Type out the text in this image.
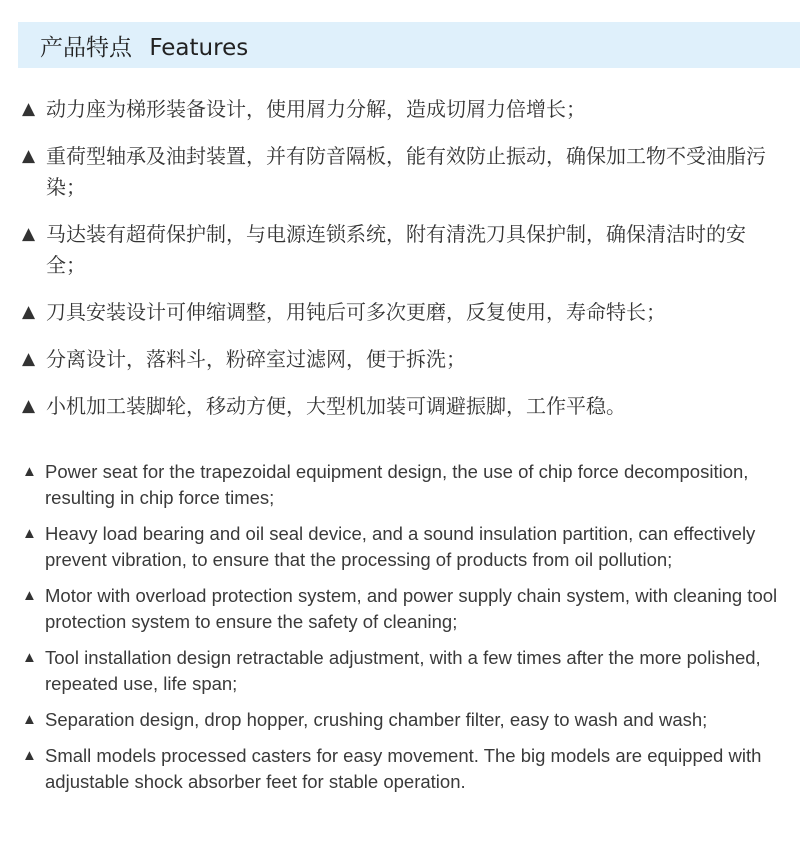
产品特点 Features
▲ 动力座为梯形装备设计，使用屑力分解，造成切屑力倍增长；
▲ 重荷型轴承及油封装置，并有防音隔板，能有效防止振动，确保加工物不受油脂污染；
▲ 马达装有超荷保护制，与电源连锁系统，附有清洗刀具保护制，确保清洁时的安全；
▲ 刀具安装设计可伸缩调整，用钝后可多次更磨，反复使用，寿命特长；
▲ 分离设计，落料斗，粉碎室过滤网，便于拆洗；
▲ 小机加工装脚轮，移动方便，大型机加装可调避振脚，工作平稳。
▲ Power seat for the trapezoidal equipment design, the use of chip force decomposition, resulting in chip force times;
▲ Heavy load bearing and oil seal device, and a sound insulation partition, can effectively prevent vibration, to ensure that the processing of products from oil pollution;
▲ Motor with overload protection system, and power supply chain system, with cleaning tool protection system to ensure the safety of cleaning;
▲ Tool installation design retractable adjustment, with a few times after the more polished, repeated use, life span;
▲ Separation design, drop hopper, crushing chamber filter, easy to wash and wash;
▲ Small models processed casters for easy movement. The big models are equipped with adjustable shock absorber feet for stable operation.
